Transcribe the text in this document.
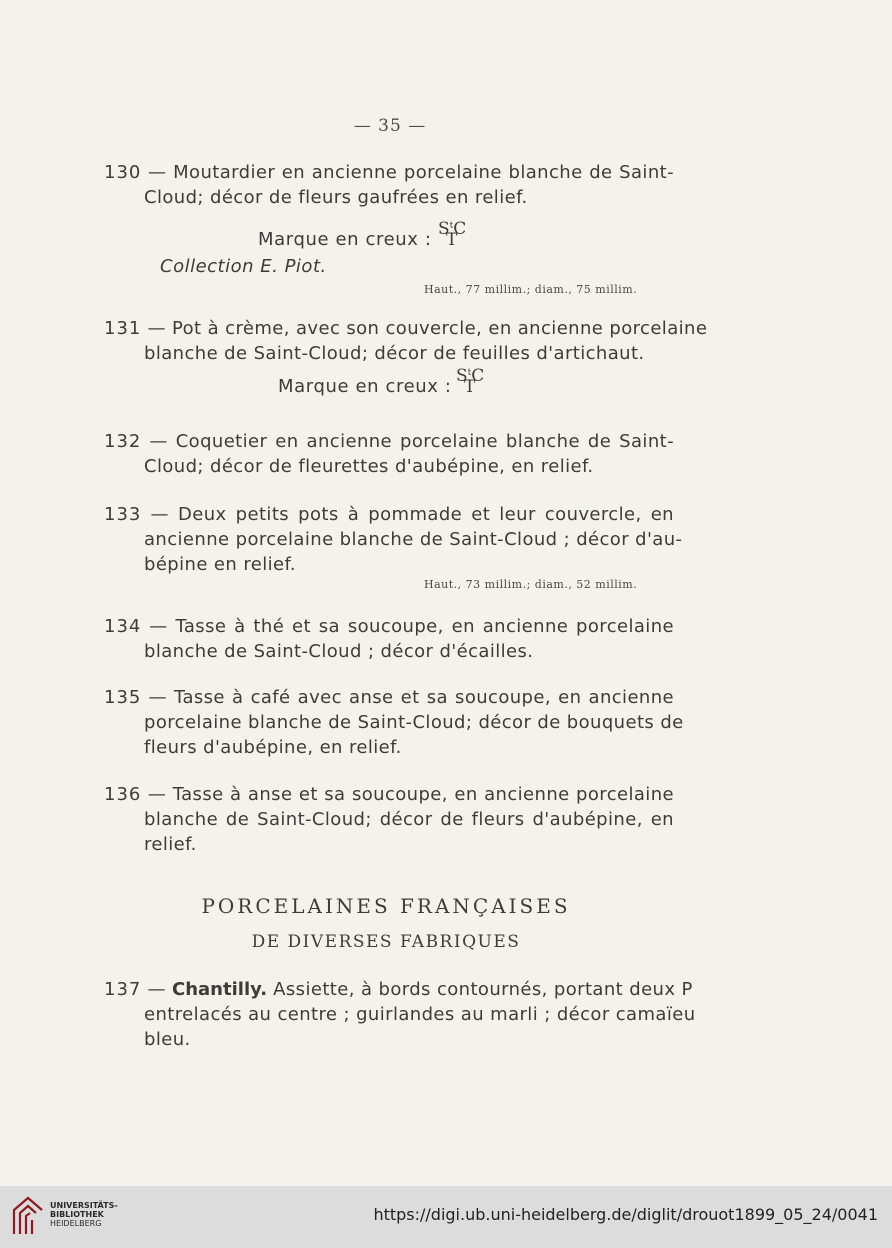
— 35 —
130 — Moutardier en ancienne porcelaine blanche de Saint-
Cloud; décor de fleurs gaufrées en relief.
Marque en creux : $S^tC$
T
Collection E. Piot.
Haut., 77 millim.; diam., 75 millim.
131 — Pot à crème, avec son couvercle, en ancienne porcelaine
blanche de Saint-Cloud; décor de feuilles d'artichaut.
Marque en creux : $S^tC$
T
132 — Coquetier en ancienne porcelaine blanche de Saint-
Cloud; décor de fleurettes d'aubépine, en relief.
133 — Deux petits pots à pommade et leur couvercle, en
ancienne porcelaine blanche de Saint-Cloud ; décor d'au-
bépine en relief.
Haut., 73 millim.; diam., 52 millim.
134 — Tasse à thé et sa soucoupe, en ancienne porcelaine
blanche de Saint-Cloud ; décor d'écailles.
135 — Tasse à café avec anse et sa soucoupe, en ancienne
porcelaine blanche de Saint-Cloud; décor de bouquets de
fleurs d'aubépine, en relief.
136 — Tasse à anse et sa soucoupe, en ancienne porcelaine
blanche de Saint-Cloud; décor de fleurs d'aubépine, en
relief.
PORCELAINES FRANÇAISES
DE DIVERSES FABRIQUES
137 — Chantilly. Assiette, à bords contournés, portant deux P
entrelacés au centre ; guirlandes au marli ; décor camaïeu
bleu.
UNIVERSITÄTS-
BIBLIOTHEK
HEIDELBERG	https://digi.ub.uni-heidelberg.de/diglit/drouot1899_05_24/0041
